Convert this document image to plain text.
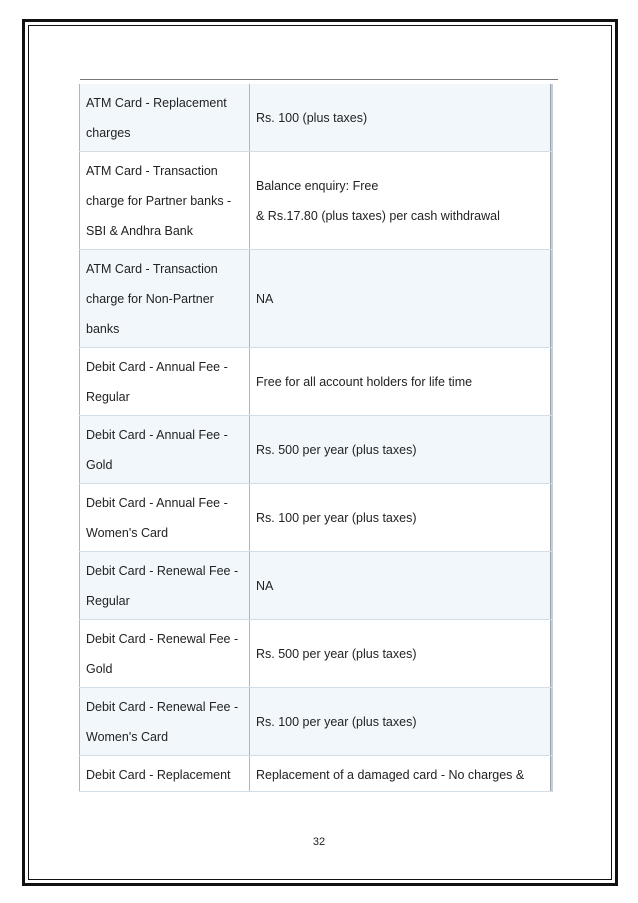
ATM Card - Replacement
charges
Rs. 100 (plus taxes)
ATM Card - Transaction
charge for Partner banks -
SBI & Andhra Bank
Balance enquiry: Free
& Rs.17.80 (plus taxes) per cash withdrawal
ATM Card - Transaction
charge for Non-Partner
banks
NA
Debit Card - Annual Fee -
Regular
Free for all account holders for life time
Debit Card - Annual Fee -
Gold
Rs. 500 per year (plus taxes)
Debit Card - Annual Fee -
Women's Card
Rs. 100 per year (plus taxes)
Debit Card - Renewal Fee -
Regular
NA
Debit Card - Renewal Fee -
Gold
Rs. 500 per year (plus taxes)
Debit Card - Renewal Fee -
Women's Card
Rs. 100 per year (plus taxes)
Debit Card - Replacement	Replacement of a damaged card - No charges &
32
